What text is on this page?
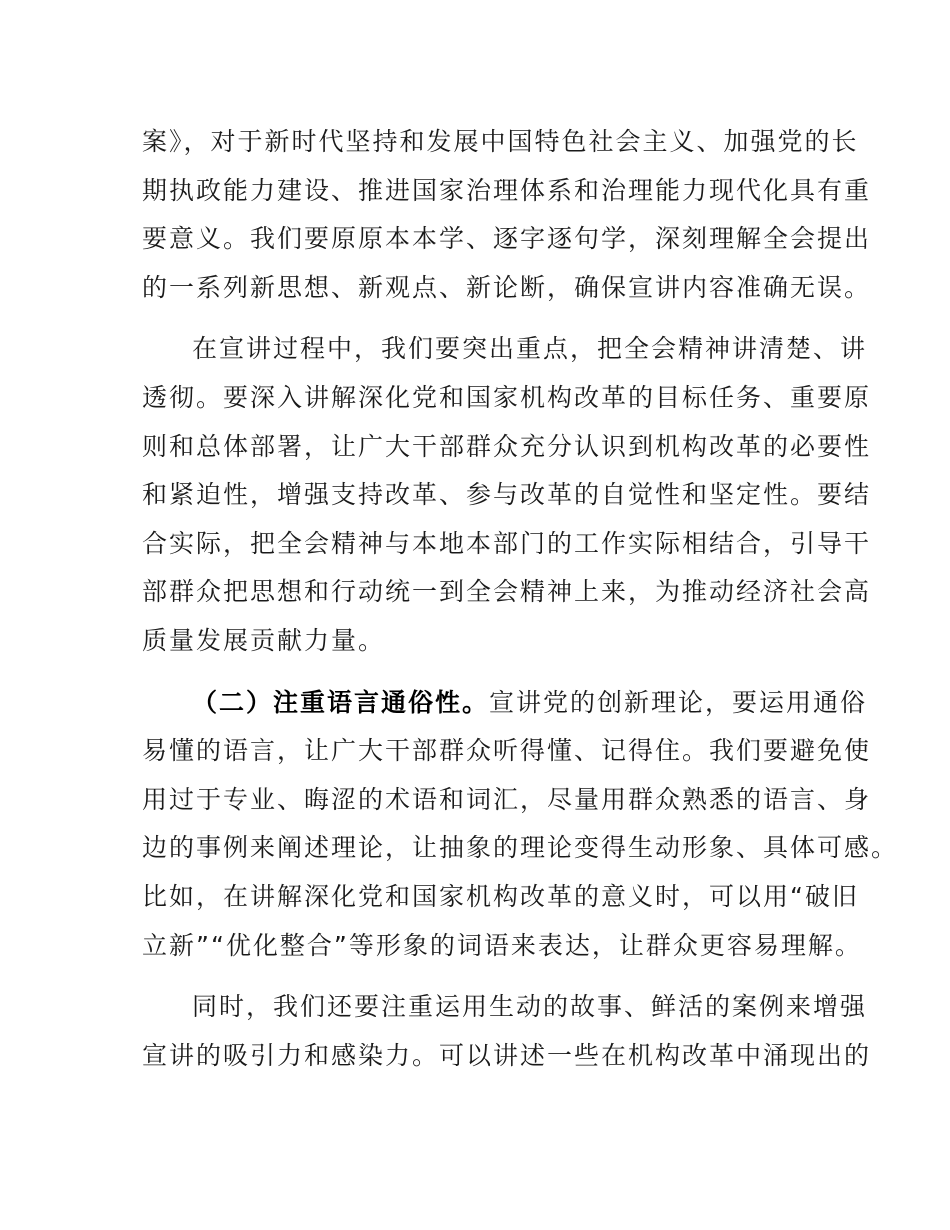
案》，对于新时代坚持和发展中国特色社会主义、加强党的长
期执政能力建设、推进国家治理体系和治理能力现代化具有重
要意义。我们要原原本本学、逐字逐句学，深刻理解全会提出
的一系列新思想、新观点、新论断，确保宣讲内容准确无误。
在宣讲过程中，我们要突出重点，把全会精神讲清楚、讲
透彻。要深入讲解深化党和国家机构改革的目标任务、重要原
则和总体部署，让广大干部群众充分认识到机构改革的必要性
和紧迫性，增强支持改革、参与改革的自觉性和坚定性。要结
合实际，把全会精神与本地本部门的工作实际相结合，引导干
部群众把思想和行动统一到全会精神上来，为推动经济社会高
质量发展贡献力量。
（二）注重语言通俗性。宣讲党的创新理论，要运用通俗
易懂的语言，让广大干部群众听得懂、记得住。我们要避免使
用过于专业、晦涩的术语和词汇，尽量用群众熟悉的语言、身
边的事例来阐述理论，让抽象的理论变得生动形象、具体可感。
比如，在讲解深化党和国家机构改革的意义时，可以用“破旧
立新”“优化整合”等形象的词语来表达，让群众更容易理解。
同时，我们还要注重运用生动的故事、鲜活的案例来增强
宣讲的吸引力和感染力。可以讲述一些在机构改革中涌现出的
